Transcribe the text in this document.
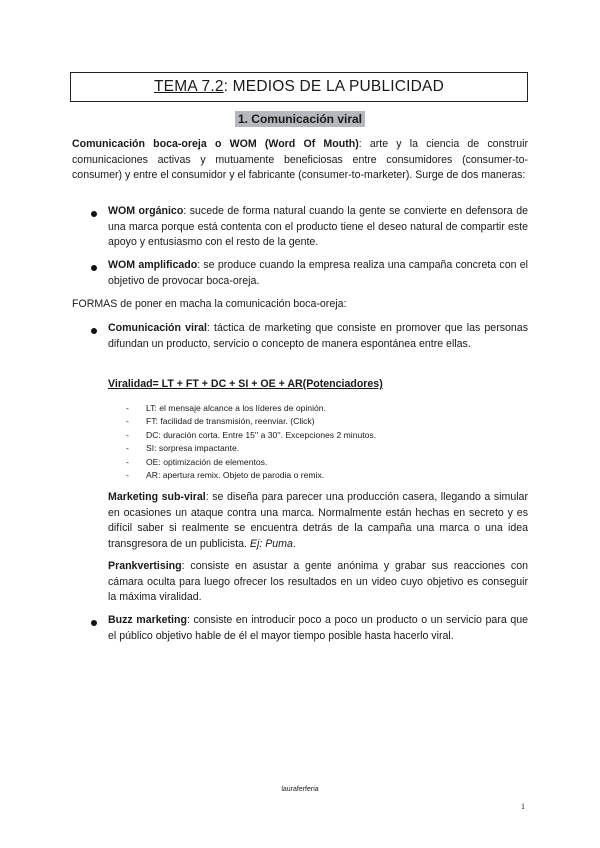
TEMA 7.2 : MEDIOS DE LA PUBLICIDAD
1. Comunicación viral
Comunicación boca-oreja o WOM (Word Of Mouth): arte y la ciencia de construir comunicaciones activas y mutuamente beneficiosas entre consumidores (consumer-to-consumer) y entre el consumidor y el fabricante (consumer-to-marketer). Surge de dos maneras:
WOM orgánico: sucede de forma natural cuando la gente se convierte en defensora de una marca porque está contenta con el producto tiene el deseo natural de compartir este apoyo y entusiasmo con el resto de la gente.
WOM amplificado: se produce cuando la empresa realiza una campaña concreta con el objetivo de provocar boca-oreja.
FORMAS de poner en macha la comunicación boca-oreja:
Comunicación viral: táctica de marketing que consiste en promover que las personas difundan un producto, servicio o concepto de manera espontánea entre ellas.
Viralidad= LT + FT + DC + SI + OE + AR(Potenciadores)
- LT: el mensaje alcance a los líderes de opinión.
- FT: facilidad de transmisión, reenviar. (Click)
- DC: duración corta. Entre 15'' a 30''. Excepciones 2 minutos.
- SI: sorpresa impactante.
- OE: optimización de elementos.
- AR: apertura remix. Objeto de parodia o remix.
Marketing sub-viral: se diseña para parecer una producción casera, llegando a simular en ocasiones un ataque contra una marca. Normalmente están hechas en secreto y es difícil saber si realmente se encuentra detrás de la campaña una marca o una idea transgresora de un publicista. Ej: Puma.
Prankvertising: consiste en asustar a gente anónima y grabar sus reacciones con cámara oculta para luego ofrecer los resultados en un video cuyo objetivo es conseguir la máxima viralidad.
Buzz marketing: consiste en introducir poco a poco un producto o un servicio para que el público objetivo hable de él el mayor tiempo posible hasta hacerlo viral.
lauraferferia
1
